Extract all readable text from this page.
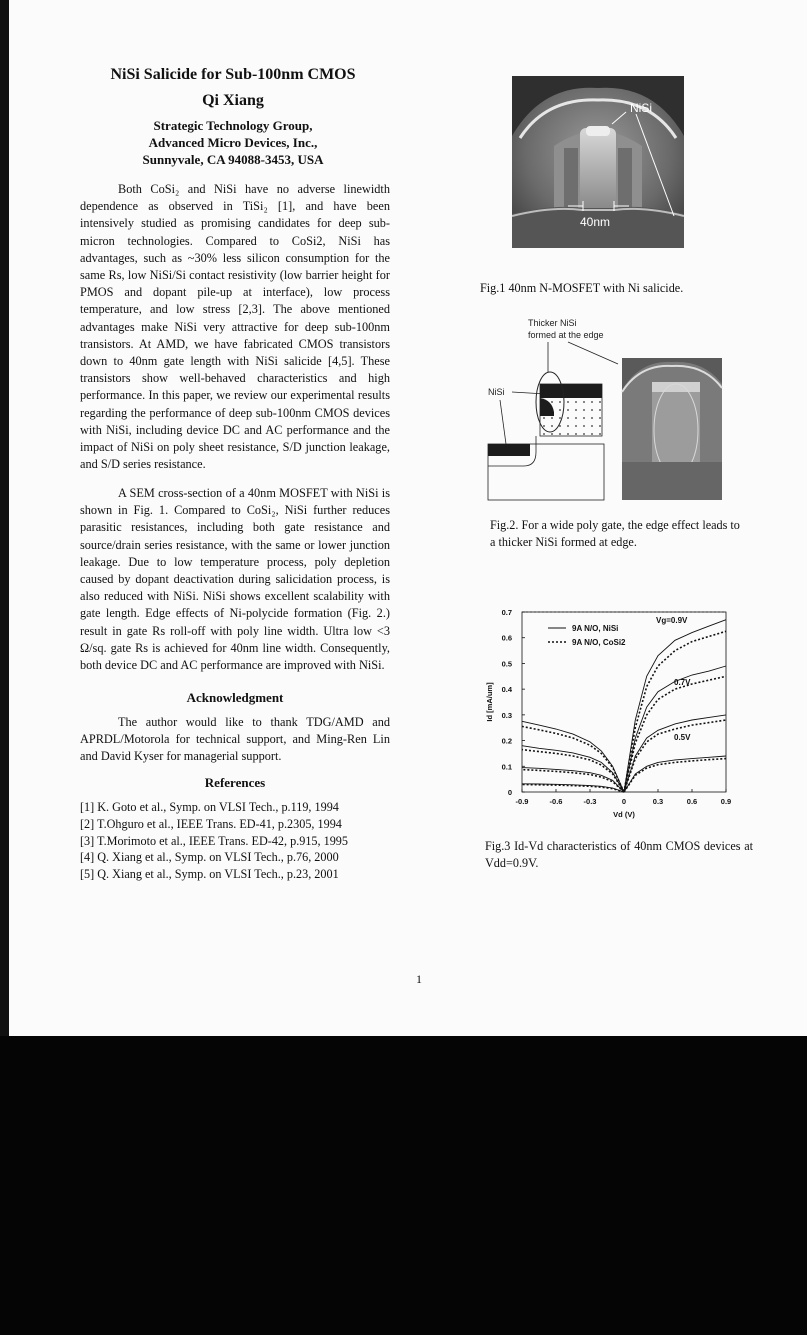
NiSi Salicide for Sub-100nm CMOS
Qi Xiang
Strategic Technology Group,
Advanced Micro Devices, Inc.,
Sunnyvale, CA 94088-3453, USA

Both CoSi₂ and NiSi have no adverse linewidth dependence as observed in TiSi₂ [1], and have been intensively studied as promising candidates for deep sub-micron technologies. Compared to CoSi2, NiSi has advantages, such as ~30% less silicon consumption for the same Rs, low NiSi/Si contact resistivity (low barrier height for PMOS and dopant pile-up at interface), low process temperature, and low stress [2,3]. The above mentioned advantages make NiSi very attractive for deep sub-100nm transistors. At AMD, we have fabricated CMOS transistors down to 40nm gate length with NiSi salicide [4,5]. These transistors show well-behaved characteristics and high performance. In this paper, we review our experimental results regarding the performance of deep sub-100nm CMOS devices with NiSi, including device DC and AC performance and the impact of NiSi on poly sheet resistance, S/D junction leakage, and S/D series resistance.

A SEM cross-section of a 40nm MOSFET with NiSi is shown in Fig. 1. Compared to CoSi₂, NiSi further reduces parasitic resistances, including both gate resistance and source/drain series resistance, with the same or lower junction leakage. Due to low temperature process, poly depletion caused by dopant deactivation during salicidation process, is also reduced with NiSi. NiSi shows excellent scalability with gate length. Edge effects of Ni-polycide formation (Fig. 2.) result in gate Rs roll-off with poly line width. Ultra low <3 Ω/sq. gate Rs is achieved for 40nm line width. Consequently, both device DC and AC performance are improved with NiSi.

Acknowledgment

The author would like to thank TDG/AMD and APRDL/Motorola for technical support, and Ming-Ren Lin and David Kyser for managerial support.

References

[1] K. Goto et al., Symp. on VLSI Tech., p.119, 1994

[2] T.Ohguro et al., IEEE Trans. ED-41, p.2305, 1994

[3] T.Morimoto et al., IEEE Trans. ED-42, p.915, 1995

[4] Q. Xiang et al., Symp. on VLSI Tech., p.76, 2000

[5] Q. Xiang et al., Symp. on VLSI Tech., p.23, 2001

1
NiSi
40nm
Fig.1 40nm N-MOSFET with Ni salicide.
Thicker NiSi
formed at the edge
NiSi
Fig.2. For a wide poly gate, the edge effect leads to a thicker NiSi formed at edge.
0
0.1
0.2
0.3
0.4
0.5
0.6
0.7
-0.9	-0.6	-0.3	0	0.3	0.6	0.9
Vd (V)
Id [mA/um]
9A N/O, NiSi
9A N/O, CoSi2
Vg=0.9V
0.7V
0.5V
Fig.3 Id-Vd characteristics of 40nm CMOS devices at Vdd=0.9V.
